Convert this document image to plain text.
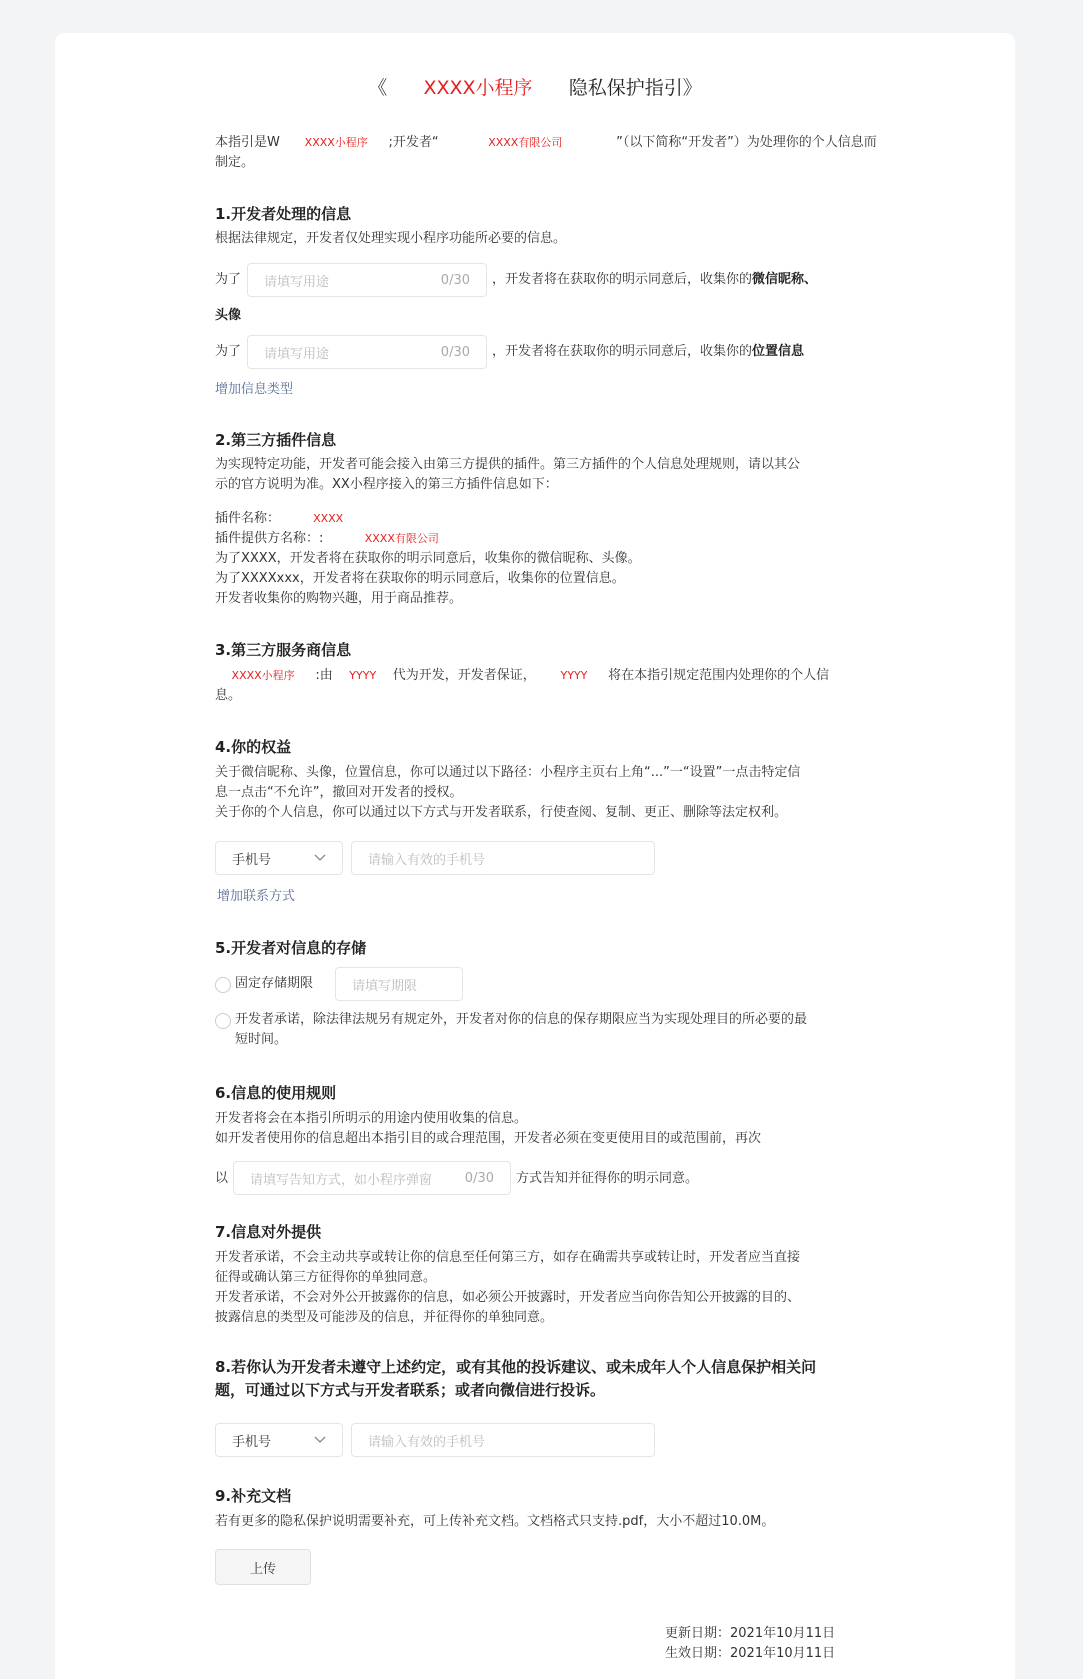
《 XXXX小程序 隐私保护指引》
本指引是W XXXX小程序     ;开发者“	XXXX有限公司	”（以下简称“开发者”）为处理你的个人信息而
制定。
1.开发者处理的信息
根据法律规定，开发者仅处理实现小程序功能所必要的信息。
为了 请填写用途	0/30 ，开发者将在获取你的明示同意后，收集你的微信昵称、
头像
为了 请填写用途	0/30 ，开发者将在获取你的明示同意后，收集你的位置信息
增加信息类型
2.第三方插件信息
为实现特定功能，开发者可能会接入由第三方提供的插件。第三方插件的个人信息处理规则，请以其公
示的官方说明为准。XX小程序接入的第三方插件信息如下：
插件名称：	XXXX
插件提供方名称：:	XXXX有限公司
为了XXXX，开发者将在获取你的明示同意后，收集你的微信昵称、头像。
为了XXXXxxx，开发者将在获取你的明示同意后，收集你的位置信息。
开发者收集你的购物兴趣，用于商品推荐。
3.第三方服务商信息
XXXX小程序 :由 YYYY 代为开发，开发者保证， YYYY 将在本指引规定范围内处理你的个人信
息。
4.你的权益
关于微信昵称、头像，位置信息，你可以通过以下路径：小程序主页右上角“...”一“设置”一点击特定信
息一点击“不允许”，撤回对开发者的授权。
关于你的个人信息，你可以通过以下方式与开发者联系，行使查阅、复制、更正、删除等法定权利。
手机号	请输入有效的手机号
增加联系方式
5.开发者对信息的存储
固定存储期限	请填写期限
开发者承诺，除法律法规另有规定外，开发者对你的信息的保存期限应当为实现处理目的所必要的最
短时间。
6.信息的使用规则
开发者将会在本指引所明示的用途内使用收集的信息。
如开发者使用你的信息超出本指引目的或合理范围，开发者必须在变更使用目的或范围前，再次
以 请填写告知方式，如小程序弹窗	0/30 方式告知并征得你的明示同意。
7.信息对外提供
开发者承诺，不会主动共享或转让你的信息至任何第三方，如存在确需共享或转让时，开发者应当直接
征得或确认第三方征得你的单独同意。
开发者承诺，不会对外公开披露你的信息，如必须公开披露时，开发者应当向你告知公开披露的目的、
披露信息的类型及可能涉及的信息，并征得你的单独同意。
8.若你认为开发者未遵守上述约定，或有其他的投诉建议、或未成年人个人信息保护相关问
题，可通过以下方式与开发者联系；或者向微信进行投诉。
手机号	请输入有效的手机号
9.补充文档
若有更多的隐私保护说明需要补充，可上传补充文档。文档格式只支持.pdf，大小不超过10.0M。
上传
更新日期：2021年10月11日
生效日期：2021年10月11日
